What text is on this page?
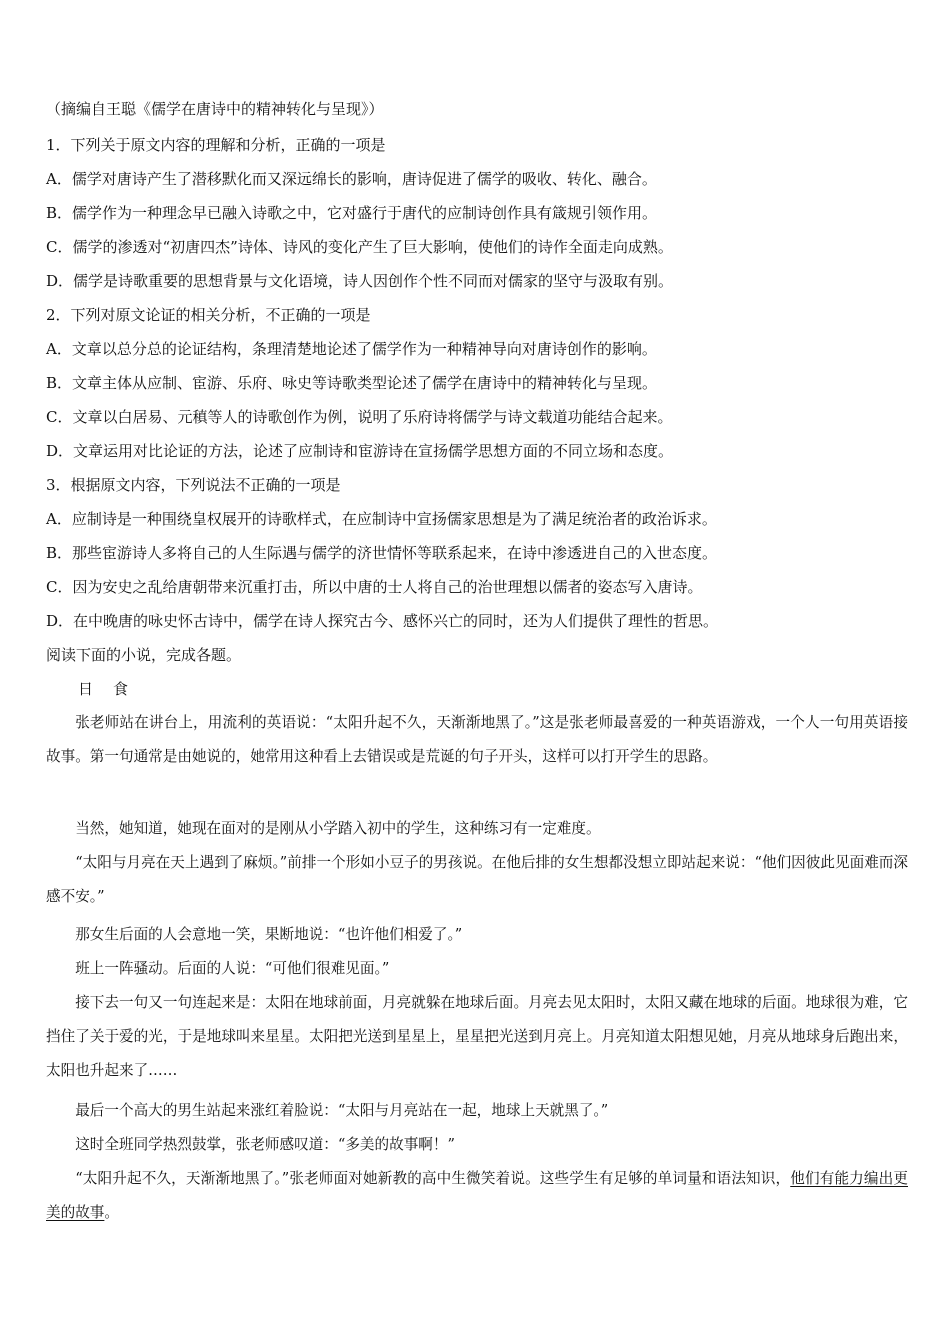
（摘编自王聪《儒学在唐诗中的精神转化与呈现》）
1．下列关于原文内容的理解和分析，正确的一项是
A．儒学对唐诗产生了潜移默化而又深远绵长的影响，唐诗促进了儒学的吸收、转化、融合。
B．儒学作为一种理念早已融入诗歌之中，它对盛行于唐代的应制诗创作具有箴规引领作用。
C．儒学的渗透对“初唐四杰”诗体、诗风的变化产生了巨大影响，使他们的诗作全面走向成熟。
D．儒学是诗歌重要的思想背景与文化语境，诗人因创作个性不同而对儒家的坚守与汲取有别。
2．下列对原文论证的相关分析，不正确的一项是
A．文章以总分总的论证结构，条理清楚地论述了儒学作为一种精神导向对唐诗创作的影响。
B．文章主体从应制、宦游、乐府、咏史等诗歌类型论述了儒学在唐诗中的精神转化与呈现。
C．文章以白居易、元稹等人的诗歌创作为例，说明了乐府诗将儒学与诗文载道功能结合起来。
D．文章运用对比论证的方法，论述了应制诗和宦游诗在宣扬儒学思想方面的不同立场和态度。
3．根据原文内容，下列说法不正确的一项是
A．应制诗是一种围绕皇权展开的诗歌样式，在应制诗中宣扬儒家思想是为了满足统治者的政治诉求。
B．那些宦游诗人多将自己的人生际遇与儒学的济世情怀等联系起来，在诗中渗透进自己的入世态度。
C．因为安史之乱给唐朝带来沉重打击，所以中唐的士人将自己的治世理想以儒者的姿态写入唐诗。
D．在中晚唐的咏史怀古诗中，儒学在诗人探究古今、感怀兴亡的同时，还为人们提供了理性的哲思。
阅读下面的小说，完成各题。
日食
张老师站在讲台上，用流利的英语说：“太阳升起不久，天渐渐地黑了。”这是张老师最喜爱的一种英语游戏，一个人一句用英语接故事。第一句通常是由她说的，她常用这种看上去错误或是荒诞的句子开头，这样可以打开学生的思路。
当然，她知道，她现在面对的是刚从小学踏入初中的学生，这种练习有一定难度。
“太阳与月亮在天上遇到了麻烦。”前排一个形如小豆子的男孩说。在他后排的女生想都没想立即站起来说：“他们因彼此见面难而深感不安。”
那女生后面的人会意地一笑，果断地说：“也许他们相爱了。”
班上一阵骚动。后面的人说：“可他们很难见面。”
接下去一句又一句连起来是：太阳在地球前面，月亮就躲在地球后面。月亮去见太阳时，太阳又藏在地球的后面。地球很为难，它挡住了关于爱的光，于是地球叫来星星。太阳把光送到星星上，星星把光送到月亮上。月亮知道太阳想见她，月亮从地球身后跑出来，太阳也升起来了……
最后一个高大的男生站起来涨红着脸说：“太阳与月亮站在一起，地球上天就黑了。”
这时全班同学热烈鼓掌，张老师感叹道：“多美的故事啊！”
“太阳升起不久，天渐渐地黑了。”张老师面对她新教的高中生微笑着说。这些学生有足够的单词量和语法知识，他们有能力编出更美的故事。
